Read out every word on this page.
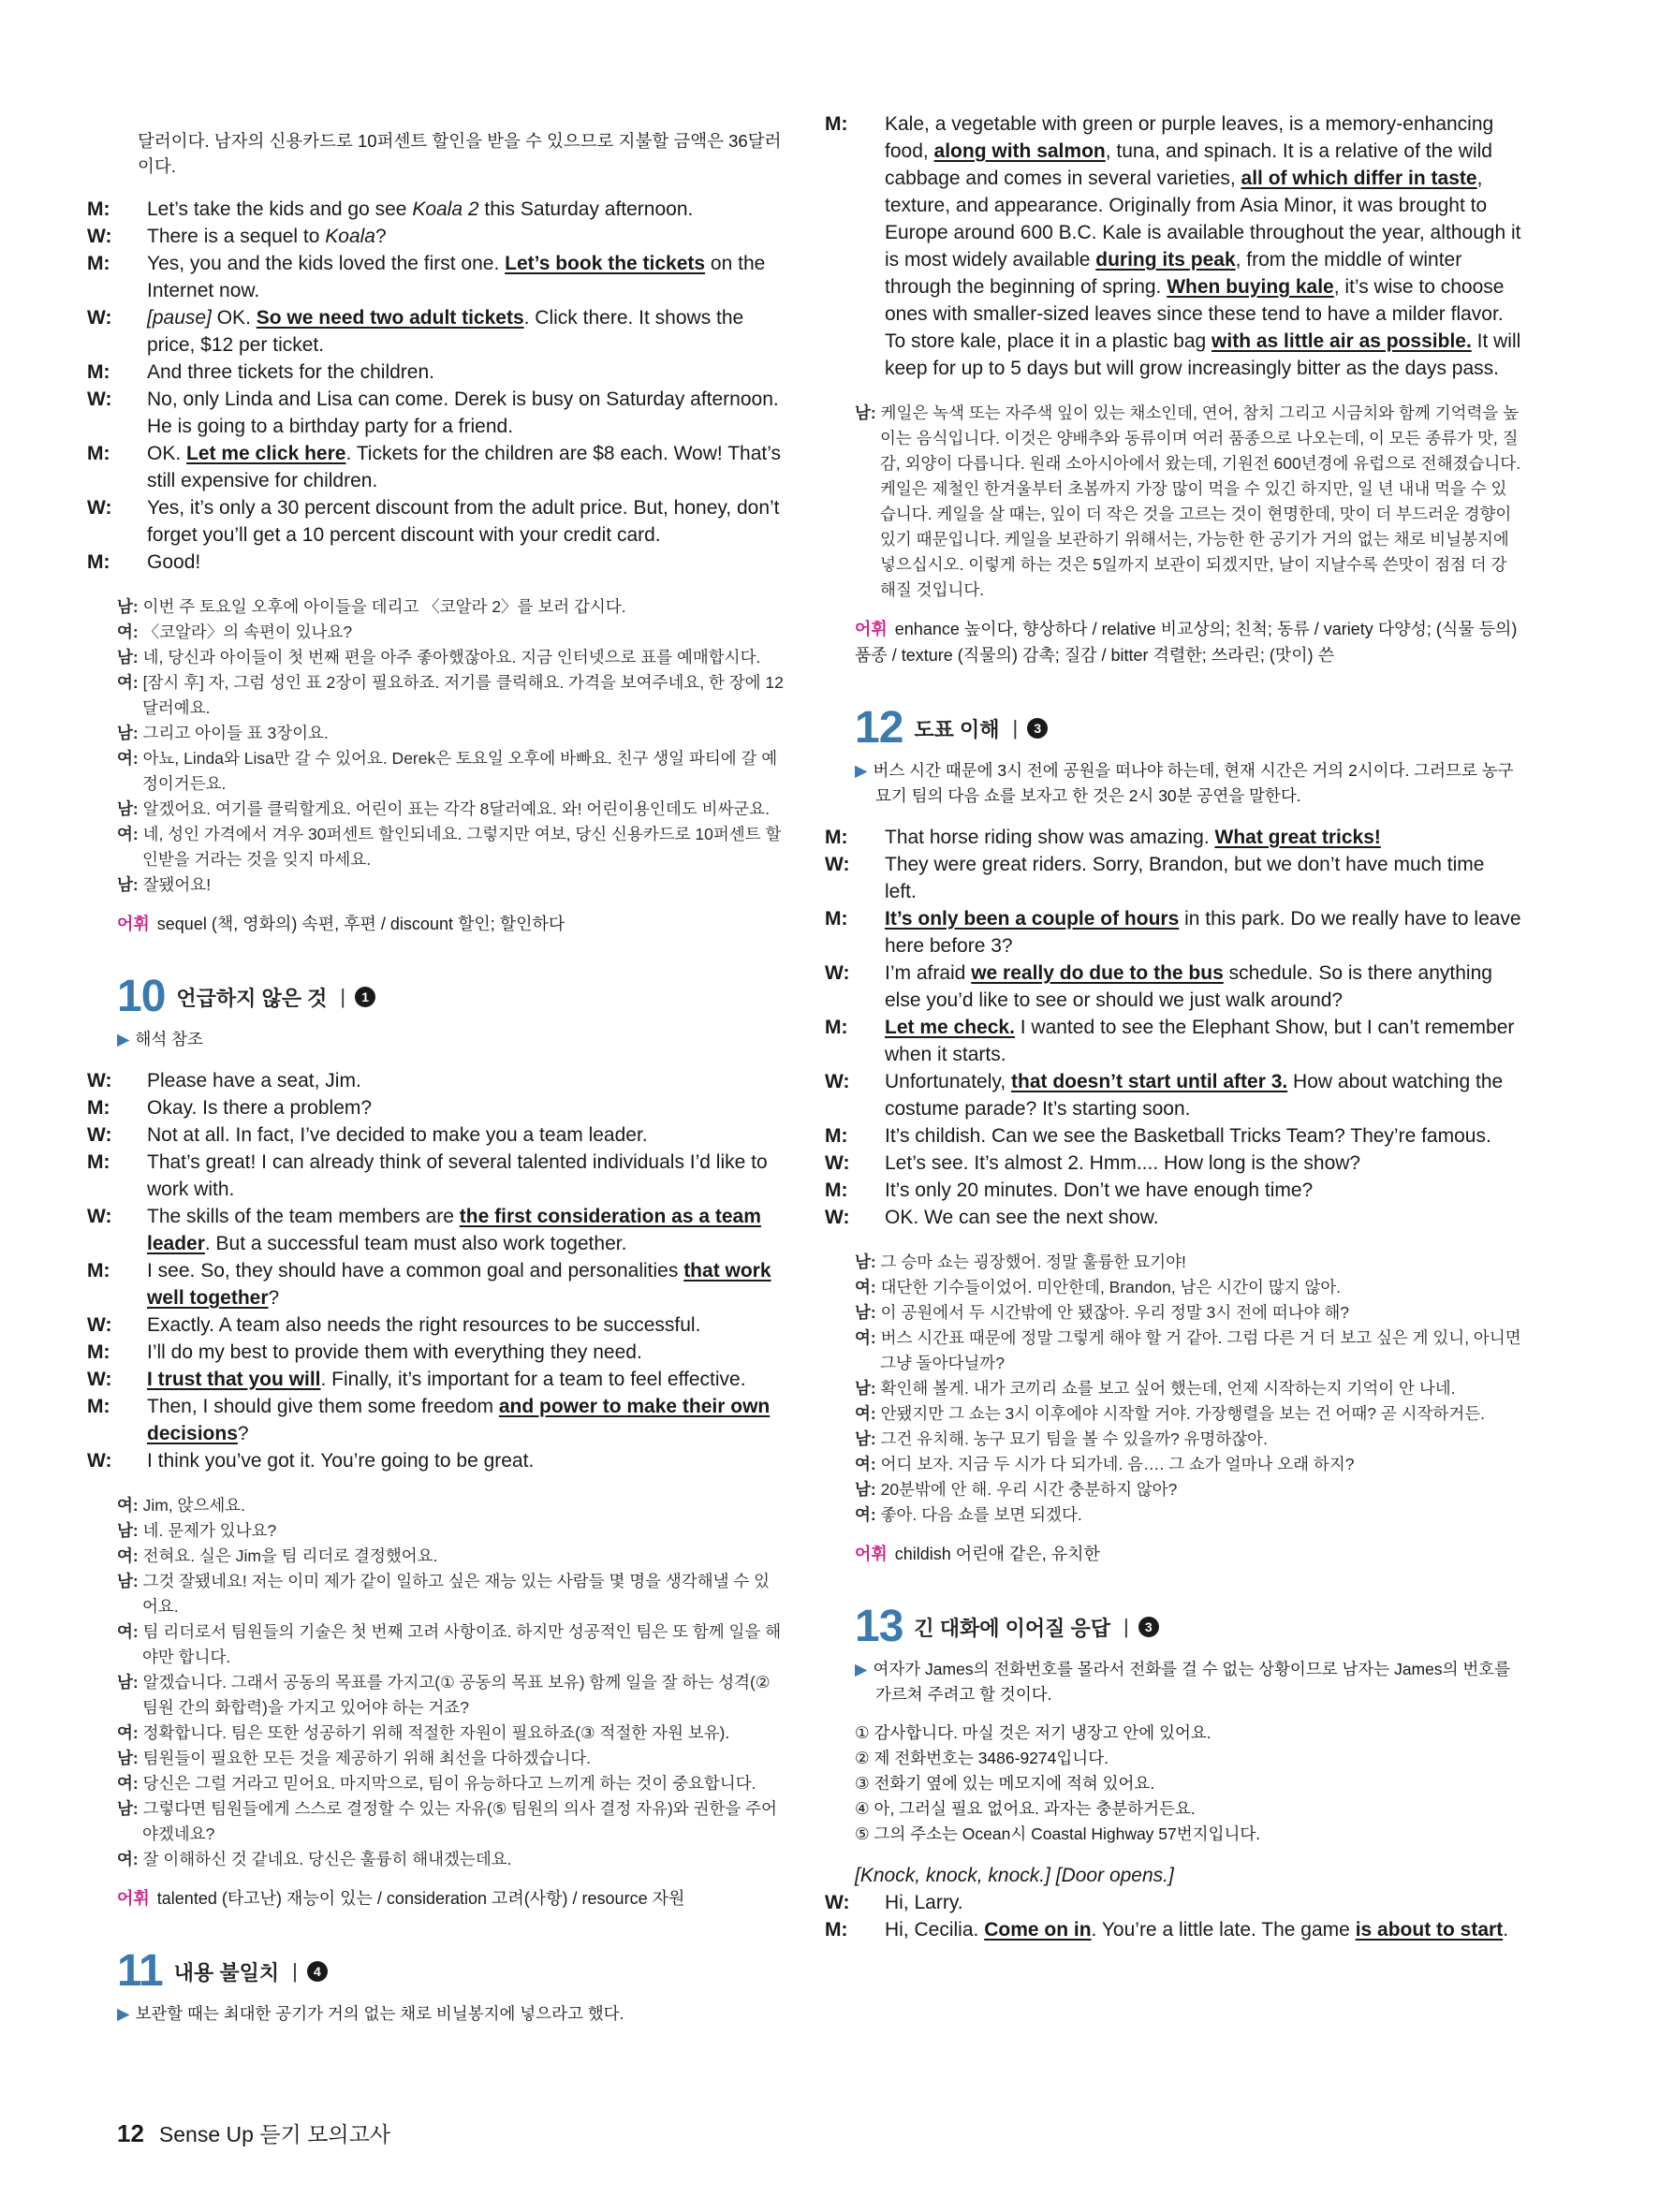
달러이다. 남자의 신용카드로 10퍼센트 할인을 받을 수 있으므로 지불할 금액은 36달러이다.

M: Let’s take the kids and go see Koala 2 this Saturday afternoon.

W: There is a sequel to Koala?

M: Yes, you and the kids loved the first one. Let’s book the tickets on the Internet now.

W: [pause] OK. So we need two adult tickets. Click there. It shows the price, $12 per ticket.

M: And three tickets for the children.

W: No, only Linda and Lisa can come. Derek is busy on Saturday afternoon. He is going to a birthday party for a friend.

M: OK. Let me click here. Tickets for the children are $8 each. Wow! That’s still expensive for children.

W: Yes, it’s only a 30 percent discount from the adult price. But, honey, don’t forget you’ll get a 10 percent discount with your credit card.

M: Good!

남: 이번 주 토요일 오후에 아이들을 데리고 〈코알라 2〉를 보러 갑시다.

여: 〈코알라〉의 속편이 있나요?

남: 네, 당신과 아이들이 첫 번째 편을 아주 좋아했잖아요. 지금 인터넷으로 표를 예매합시다.

여: [잠시 후] 자, 그럼 성인 표 2장이 필요하죠. 저기를 클릭해요. 가격을 보여주네요, 한 장에 12달러예요.

남: 그리고 아이들 표 3장이요.

여: 아뇨, Linda와 Lisa만 갈 수 있어요. Derek은 토요일 오후에 바빠요. 친구 생일 파티에 갈 예정이거든요.

남: 알겠어요. 여기를 클릭할게요. 어린이 표는 각각 8달러예요. 와! 어린이용인데도 비싸군요.

여: 네, 성인 가격에서 겨우 30퍼센트 할인되네요. 그렇지만 여보, 당신 신용카드로 10퍼센트 할인받을 거라는 것을 잊지 마세요.

남: 잘됐어요!

어휘 sequel (책, 영화의) 속편, 후편 / discount 할인; 할인하다
10 언급하지 않은 것 |	1
▶ 해석 참조

W: Please have a seat, Jim.

M: Okay. Is there a problem?

W: Not at all. In fact, I’ve decided to make you a team leader.

M: That’s great! I can already think of several talented individuals I’d like to work with.

W: The skills of the team members are the first consideration as a team leader. But a successful team must also work together.

M: I see. So, they should have a common goal and personalities that work well together?

W: Exactly. A team also needs the right resources to be successful.

M: I’ll do my best to provide them with everything they need.

W: I trust that you will. Finally, it’s important for a team to feel effective.

M: Then, I should give them some freedom and power to make their own decisions?

W: I think you’ve got it. You’re going to be great.

여: Jim, 앉으세요.

남: 네. 문제가 있나요?

여: 전혀요. 실은 Jim을 팀 리더로 결정했어요.

남: 그것 잘됐네요! 저는 이미 제가 같이 일하고 싶은 재능 있는 사람들 몇 명을 생각해낼 수 있어요.

여: 팀 리더로서 팀원들의 기술은 첫 번째 고려 사항이죠. 하지만 성공적인 팀은 또 함께 일을 해야만 합니다.

남: 알겠습니다. 그래서 공동의 목표를 가지고(① 공동의 목표 보유) 함께 일을 잘 하는 성격(② 팀원 간의 화합력)을 가지고 있어야 하는 거죠?

여: 정확합니다. 팀은 또한 성공하기 위해 적절한 자원이 필요하죠(③ 적절한 자원 보유).

남: 팀원들이 필요한 모든 것을 제공하기 위해 최선을 다하겠습니다.

여: 당신은 그럴 거라고 믿어요. 마지막으로, 팀이 유능하다고 느끼게 하는 것이 중요합니다.

남: 그렇다면 팀원들에게 스스로 결정할 수 있는 자유(⑤ 팀원의 의사 결정 자유)와 권한을 주어야겠네요?

여: 잘 이해하신 것 같네요. 당신은 훌륭히 해내겠는데요.

어휘 talented (타고난) 재능이 있는 / consideration 고려(사항) / resource 자원
11 내용 불일치 |	4
▶ 보관할 때는 최대한 공기가 거의 없는 채로 비닐봉지에 넣으라고 했다.

M: Kale, a vegetable with green or purple leaves, is a memory-enhancing food, along with salmon, tuna, and spinach. It is a relative of the wild cabbage and comes in several varieties, all of which differ in taste, texture, and appearance. Originally from Asia Minor, it was brought to Europe around 600 B.C. Kale is available throughout the year, although it is most widely available during its peak, from the middle of winter through the beginning of spring. When buying kale, it’s wise to choose ones with smaller-sized leaves since these tend to have a milder flavor. To store kale, place it in a plastic bag with as little air as possible. It will keep for up to 5 days but will grow increasingly bitter as the days pass.

남: 케일은 녹색 또는 자주색 잎이 있는 채소인데, 연어, 참치 그리고 시금치와 함께 기억력을 높이는 음식입니다. 이것은 양배추와 동류이며 여러 품종으로 나오는데, 이 모든 종류가 맛, 질감, 외양이 다릅니다. 원래 소아시아에서 왔는데, 기원전 600년경에 유럽으로 전해졌습니다. 케일은 제철인 한겨울부터 초봄까지 가장 많이 먹을 수 있긴 하지만, 일 년 내내 먹을 수 있습니다. 케일을 살 때는, 잎이 더 작은 것을 고르는 것이 현명한데, 맛이 더 부드러운 경향이 있기 때문입니다. 케일을 보관하기 위해서는, 가능한 한 공기가 거의 없는 채로 비닐봉지에 넣으십시오. 이렇게 하는 것은 5일까지 보관이 되겠지만, 날이 지날수록 쓴맛이 점점 더 강해질 것입니다.

어휘 enhance 높이다, 향상하다 / relative 비교상의; 친척; 동류 / variety 다양성; (식물 등의) 품종 / texture (직물의) 감촉; 질감 / bitter 격렬한; 쓰라린; (맛이) 쓴
12 도표 이해 |	3
▶ 버스 시간 때문에 3시 전에 공원을 떠나야 하는데, 현재 시간은 거의 2시이다. 그러므로 농구 묘기 팀의 다음 쇼를 보자고 한 것은 2시 30분 공연을 말한다.

M: That horse riding show was amazing. What great tricks!

W: They were great riders. Sorry, Brandon, but we don’t have much time left.

M: It’s only been a couple of hours in this park. Do we really have to leave here before 3?

W: I’m afraid we really do due to the bus schedule. So is there anything else you’d like to see or should we just walk around?

M: Let me check. I wanted to see the Elephant Show, but I can’t remember when it starts.

W: Unfortunately, that doesn’t start until after 3. How about watching the costume parade? It’s starting soon.

M: It’s childish. Can we see the Basketball Tricks Team? They’re famous.

W: Let’s see. It’s almost 2. Hmm.... How long is the show?

M: It’s only 20 minutes. Don’t we have enough time?

W: OK. We can see the next show.

남: 그 승마 쇼는 굉장했어. 정말 훌륭한 묘기야!

여: 대단한 기수들이었어. 미안한데, Brandon, 남은 시간이 많지 않아.

남: 이 공원에서 두 시간밖에 안 됐잖아. 우리 정말 3시 전에 떠나야 해?

여: 버스 시간표 때문에 정말 그렇게 해야 할 거 같아. 그럼 다른 거 더 보고 싶은 게 있니, 아니면 그냥 돌아다닐까?

남: 확인해 볼게. 내가 코끼리 쇼를 보고 싶어 했는데, 언제 시작하는지 기억이 안 나네.

여: 안됐지만 그 쇼는 3시 이후에야 시작할 거야. 가장행렬을 보는 건 어때? 곧 시작하거든.

남: 그건 유치해. 농구 묘기 팀을 볼 수 있을까? 유명하잖아.

여: 어디 보자. 지금 두 시가 다 되가네. 음…. 그 쇼가 얼마나 오래 하지?

남: 20분밖에 안 해. 우리 시간 충분하지 않아?

여: 좋아. 다음 쇼를 보면 되겠다.

어휘 childish 어린애 같은, 유치한
13 긴 대화에 이어질 응답 |	3
▶ 여자가 James의 전화번호를 몰라서 전화를 걸 수 없는 상황이므로 남자는 James의 번호를 가르쳐 주려고 할 것이다.

① 감사합니다. 마실 것은 저기 냉장고 안에 있어요.

② 제 전화번호는 3486-9274입니다.

③ 전화기 옆에 있는 메모지에 적혀 있어요.

④ 아, 그러실 필요 없어요. 과자는 충분하거든요.

⑤ 그의 주소는 Ocean시 Coastal Highway 57번지입니다.

[Knock, knock, knock.] [Door opens.]

W: Hi, Larry.

M: Hi, Cecilia. Come on in. You’re a little late. The game is about to start.

12 Sense Up 듣기 모의고사
